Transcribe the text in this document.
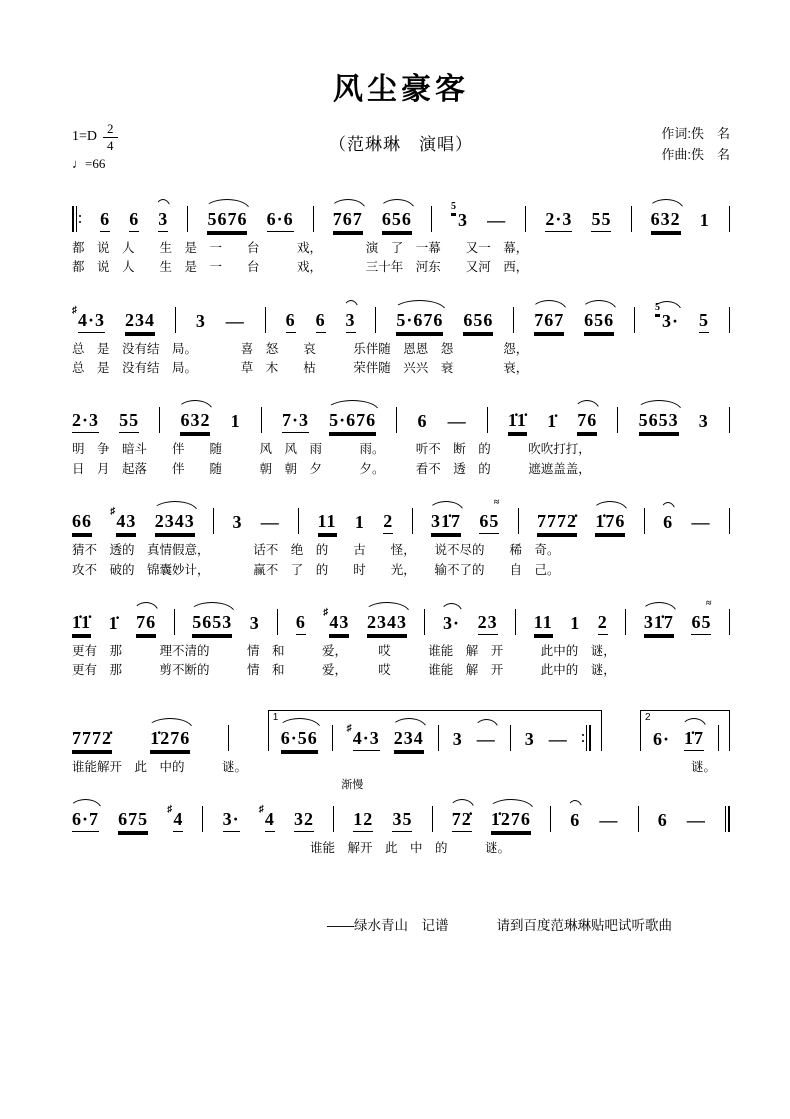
风尘豪客
$1=D \frac{2}{4}$
♩=66
（范琳琳　演唱）
作词:佚　名
作曲:佚　名
6 6 3 5676 6·6 767 656
5
3 — 2·3 55 632 1
都　说　人　　生　是　一　　台　　　戏，　　　　演　了　一幕　　又一　幕，
都　说　人　　生　是　一　　台　　　戏，　　　　三十年　河东　　又河　西，
♯ 4·3 234 3 — 6 6 3 5·676 656 767 656
5
3· 5
总　是　没有结　局。　　　　喜　怒　　哀　　　乐伴随　恩恩　怨　　　　怨，
总　是　没有结　局。　　　　草　木　　枯　　　荣伴随　兴兴　衰　　　　衰，
2·3 55 632 1 7·3 5·676 6 — 1̇1̇ 1̇ 76 5653 3
明　争　暗斗　　伴　　随　　　风　风　雨　　　雨。　　　听不　断　的　　　吹吹打打，
日　月　起落　　伴　　随　　　朝　朝　夕　　　夕。　　　看不　透　的　　　遮遮盖盖，
66 ♯ 43 2343 3 — 11 1 2 31̇7
≈
65 7772̇ 1̇76 6 —
猜不　透的　真情假意，　　　　话不　绝　的　　古　　怪，　　说不尽的　　稀　奇。
攻不　破的　锦囊妙计，　　　　赢不　了　的　　时　　光，　　输不了的　　自　己。
1̇1̇ 1̇ 76 5653 3 6 ♯ 43 2343 3· 23 11 1 2 31̇7
≈
65
更有　那　　　理不清的　　　情　和　　　爱，　　　哎　　　谁能　解　开　　　此中的　谜，
更有　那　　　剪不断的　　　情　和　　　爱，　　　哎　　　谁能　解　开　　　此中的　谜，
7772̇ 1̇276
1
6·56	♯ 4·3 234 3 — 3 —
2
6· 1̇7
谁能解开　此　中的　　　谜。	谜。
6·7 675 ♯ 4 3· ♯ 4 32
渐慢
12 35 72̇ 1̇276 6 — 6 —
谁能　解开　此　中　的　　　谜。
——绿水青山　记谱	请到百度范琳琳贴吧试听歌曲
